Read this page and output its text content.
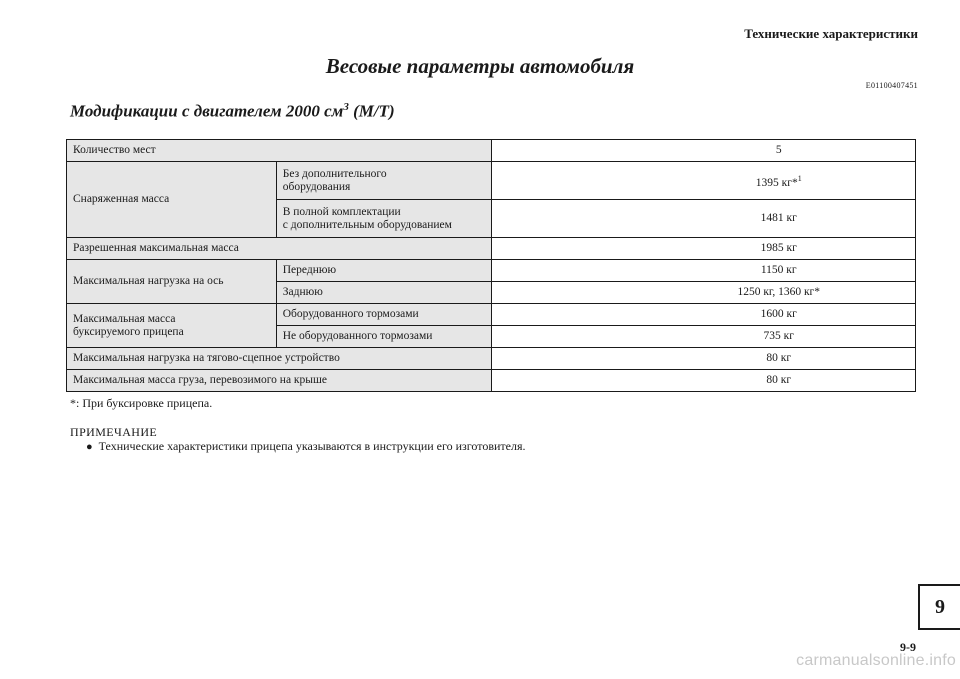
Технические характеристики
Весовые параметры автомобиля
E01100407451
Модификации с двигателем 2000 $см^3$ (M/T)
Количество мест		5
Снаряженная масса	Без дополнительного
оборудования	1395 кг*$^1$
	В полной комплектации
с дополнительным оборудованием	1481 кг
Разрешенная максимальная масса		1985 кг
Максимальная нагрузка на ось	Переднюю	1150 кг
	Заднюю	1250 кг, 1360 кг*
Максимальная масса
буксируемого прицепа	Оборудованного тормозами	1600 кг
	Не оборудованного тормозами	735 кг
Максимальная нагрузка на тягово-сцепное устройство		80 кг
Максимальная масса груза, перевозимого на крыше		80 кг
*: При буксировке прицепа.
ПРИМЕЧАНИЕ
● Технические характеристики прицепа указываются в инструкции его изготовителя.
9
9-9
carmanualsonline.info
